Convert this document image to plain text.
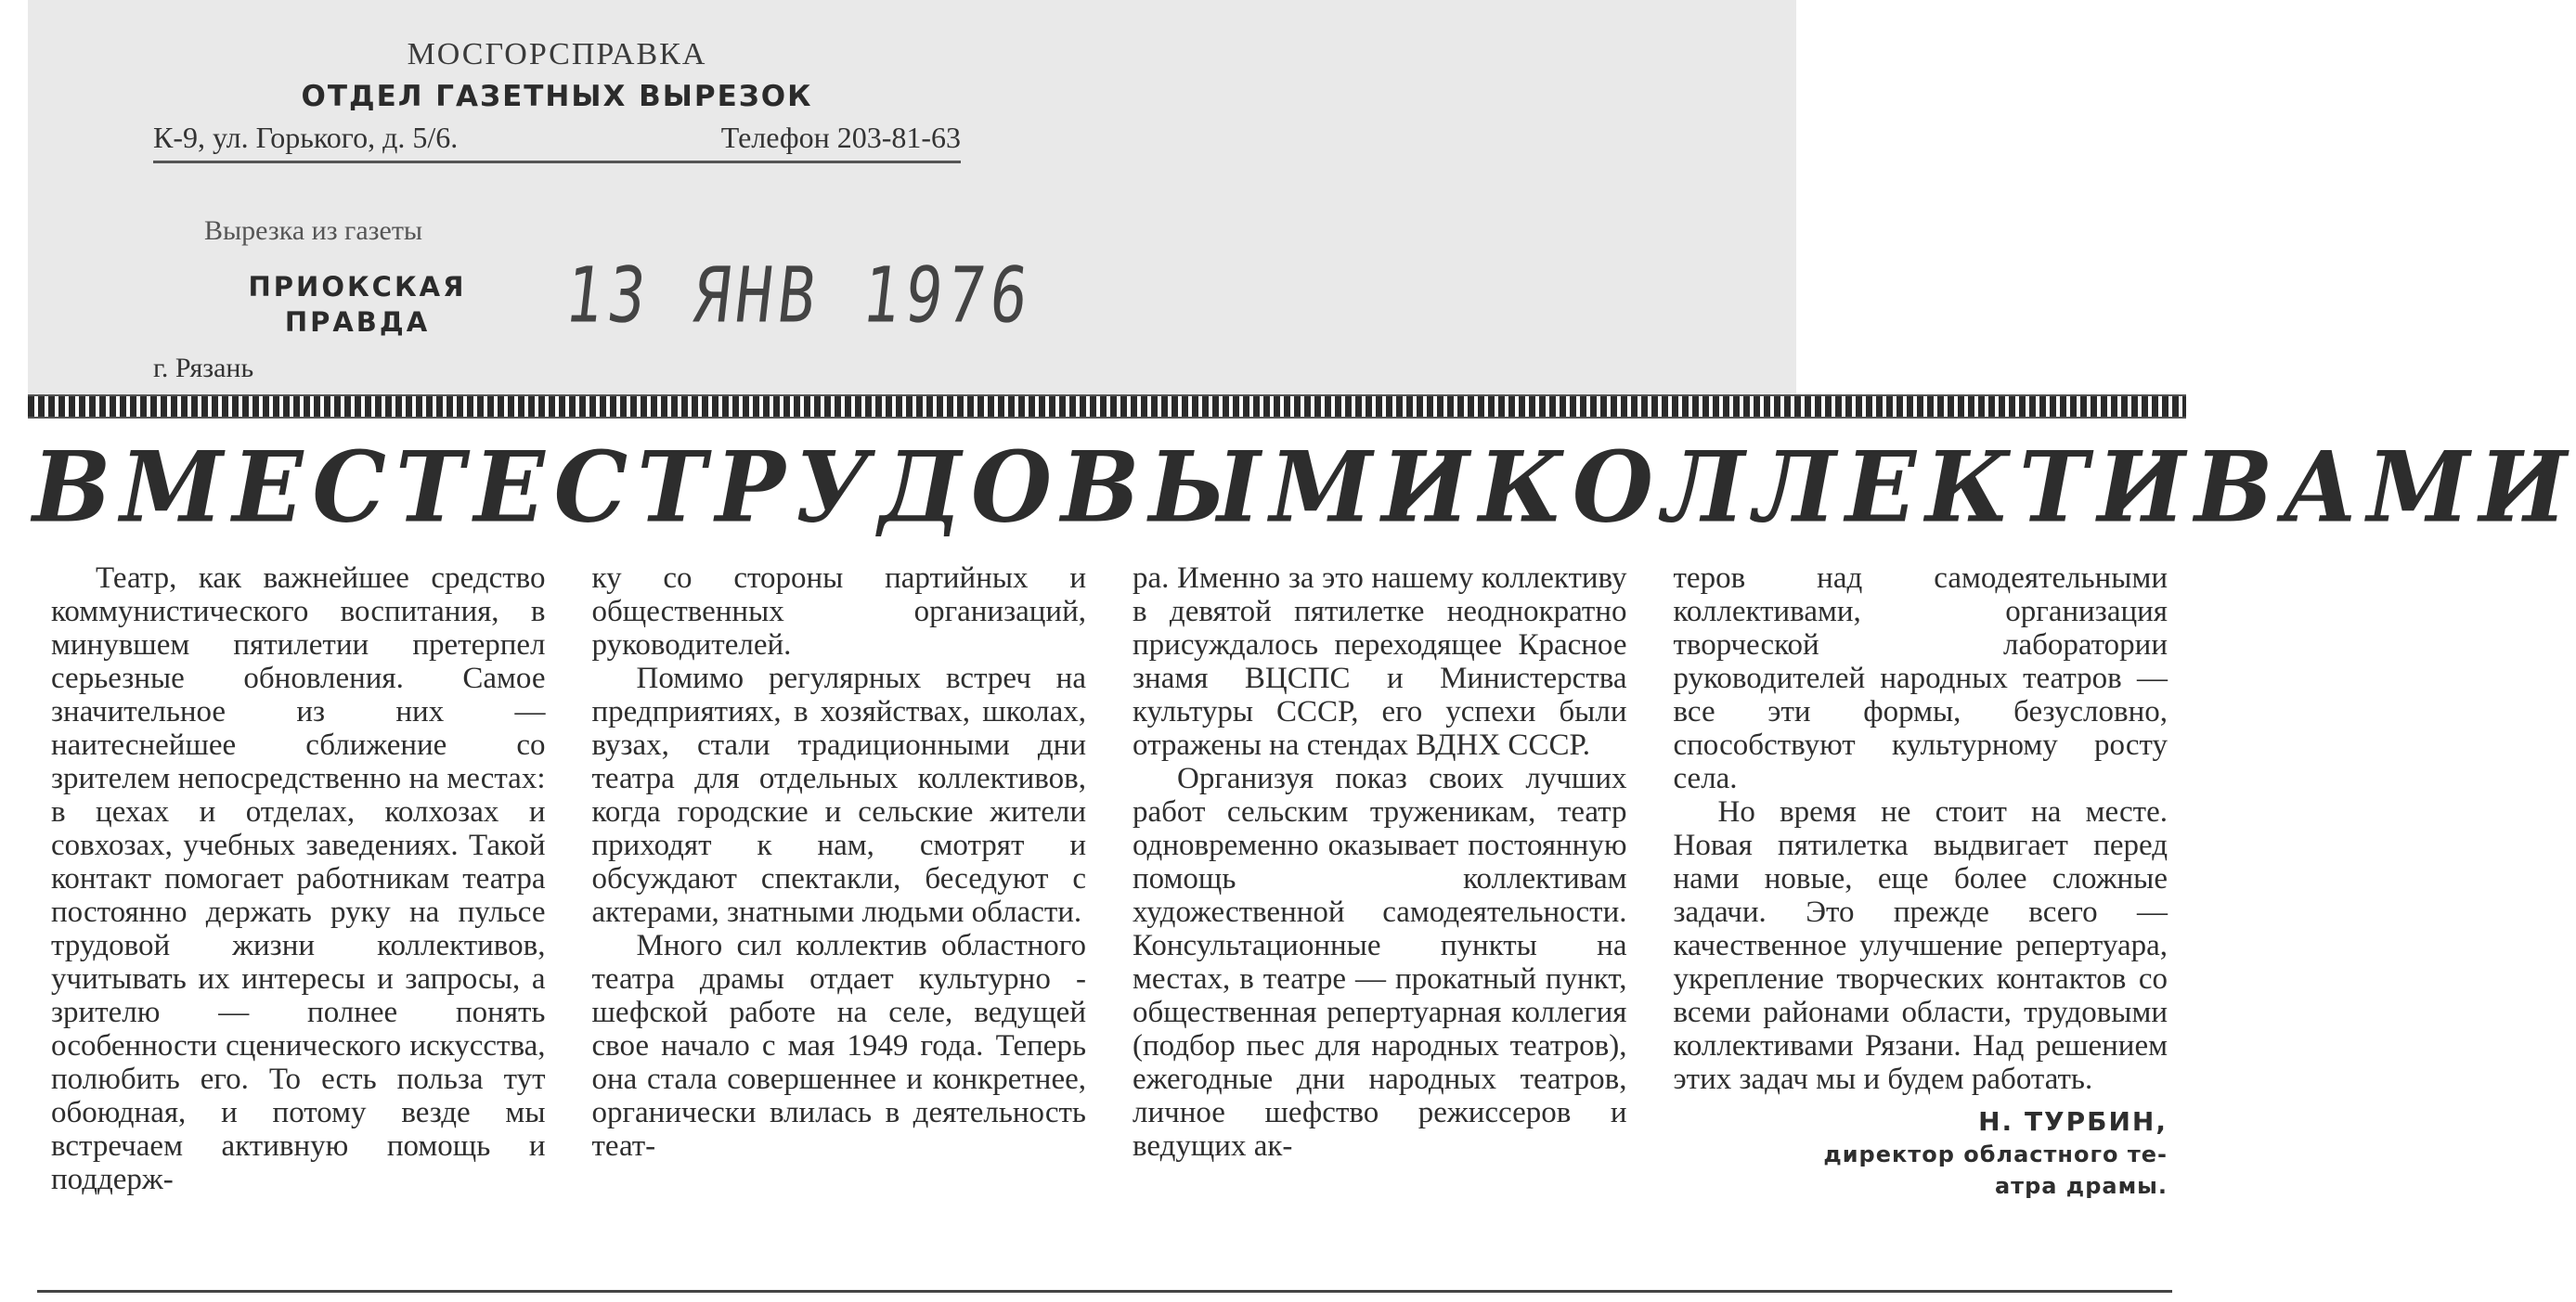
МОСГОРСПРАВКА

ОТДЕЛ ГАЗЕТНЫХ ВЫРЕЗОК

К-9, ул. Горького, д. 5/6.	Телефон 203-81-63
Вырезка из газеты
ПРИОКСКАЯ
ПРАВДА
г. Рязань
13 ЯНВ 1976
ВМЕСТЕ С ТРУДОВЫМИ КОЛЛЕКТИВАМИ

Театр, как важнейшее средство коммунистического воспитания, в минувшем пятилетии претерпел серьезные обновления. Самое значительное из них — наитеснейшее сближение со зрителем непосредственно на местах: в цехах и отделах, колхозах и совхозах, учебных заведениях. Такой контакт помогает работникам театра постоянно держать руку на пульсе трудовой жизни коллективов, учитывать их интересы и запросы, а зрителю — полнее понять особенности сценического искусства, полюбить его. То есть польза тут обоюдная, и потому везде мы встречаем активную помощь и поддерж-

ку со стороны партийных и общественных организаций, руководителей.

Помимо регулярных встреч на предприятиях, в хозяйствах, школах, вузах, стали традиционными дни театра для отдельных коллективов, когда городские и сельские жители приходят к нам, смотрят и обсуждают спектакли, беседуют с актерами, знатными людьми области.

Много сил коллектив областного театра драмы отдает культурно - шефской работе на селе, ведущей свое начало с мая 1949 года. Теперь она стала совершеннее и конкретнее, органически влилась в деятельность теат-

ра. Именно за это нашему коллективу в девятой пятилетке неоднократно присуждалось переходящее Красное знамя ВЦСПС и Министерства культуры СССР, его успехи были отражены на стендах ВДНХ СССР.

Организуя показ своих лучших работ сельским труженикам, театр одновременно оказывает постоянную помощь коллективам художественной самодеятельности. Консультационные пункты на местах, в театре — прокатный пункт, общественная репертуарная коллегия (подбор пьес для народных театров), ежегодные дни народных театров, личное шефство режиссеров и ведущих ак-

теров над самодеятельными коллективами, организация творческой лаборатории руководителей народных театров — все эти формы, безусловно, способствуют культурному росту села.

Но время не стоит на месте. Новая пятилетка выдвигает перед нами новые, еще более сложные задачи. Это прежде всего — качественное улучшение репертуара, укрепление творческих контактов со всеми районами области, трудовыми коллективами Рязани. Над решением этих задач мы и будем работать.

Н. ТУРБИН,
директор областного те-
атра драмы.
